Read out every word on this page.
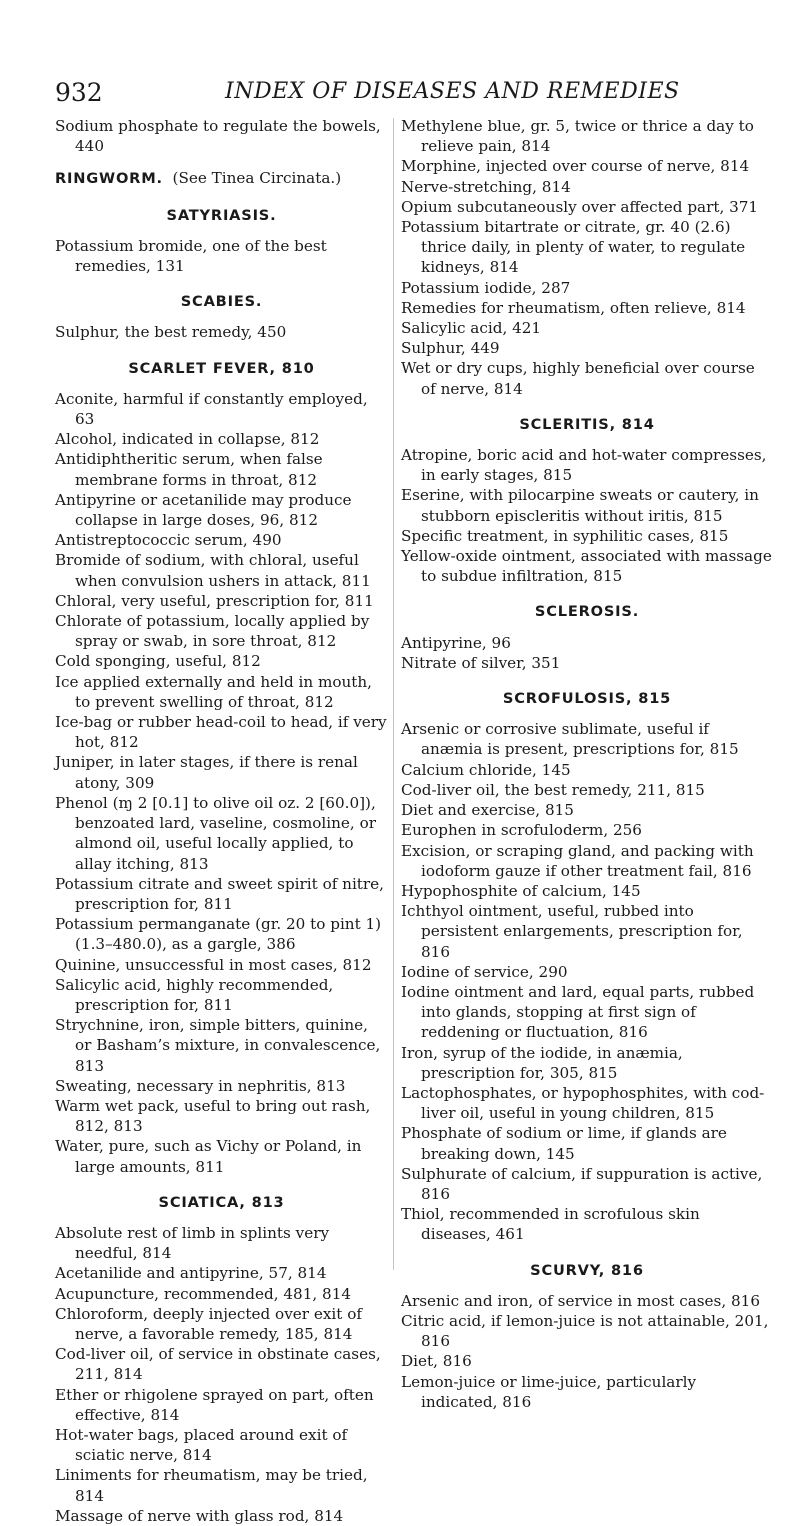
932	INDEX OF DISEASES AND REMEDIES

Sodium phosphate to regulate the bowels, 440

RINGWORM. (See Tinea Circinata.)

SATYRIASIS.

Potassium bromide, one of the best remedies, 131

SCABIES.

Sulphur, the best remedy, 450

SCARLET FEVER, 810

Aconite, harmful if constantly employed, 63

Alcohol, indicated in collapse, 812

Antidiphtheritic serum, when false membrane forms in throat, 812

Antipyrine or acetanilide may produce collapse in large doses, 96, 812

Antistreptococcic serum, 490

Bromide of sodium, with chloral, useful when convulsion ushers in attack, 811

Chloral, very useful, prescription for, 811

Chlorate of potassium, locally applied by spray or swab, in sore throat, 812

Cold sponging, useful, 812

Ice applied externally and held in mouth, to prevent swelling of throat, 812

Ice-bag or rubber head-coil to head, if very hot, 812

Juniper, in later stages, if there is renal atony, 309

Phenol (ɱ 2 [0.1] to olive oil oz. 2 [60.0]), benzoated lard, vaseline, cosmoline, or almond oil, useful locally applied, to allay itching, 813

Potassium citrate and sweet spirit of nitre, prescription for, 811

Potassium permanganate (gr. 20 to pint 1) (1.3–480.0), as a gargle, 386

Quinine, unsuccessful in most cases, 812

Salicylic acid, highly recommended, prescription for, 811

Strychnine, iron, simple bitters, quinine, or Basham’s mixture, in convalescence, 813

Sweating, necessary in nephritis, 813

Warm wet pack, useful to bring out rash, 812, 813

Water, pure, such as Vichy or Poland, in large amounts, 811

SCIATICA, 813

Absolute rest of limb in splints very needful, 814

Acetanilide and antipyrine, 57, 814

Acupuncture, recommended, 481, 814

Chloroform, deeply injected over exit of nerve, a favorable remedy, 185, 814

Cod-liver oil, of service in obstinate cases, 211, 814

Ether or rhigolene sprayed on part, often effective, 814

Hot-water bags, placed around exit of sciatic nerve, 814

Liniments for rheumatism, may be tried, 814

Massage of nerve with glass rod, 814

Methylene blue, gr. 5, twice or thrice a day to relieve pain, 814

Morphine, injected over course of nerve, 814

Nerve-stretching, 814

Opium subcutaneously over affected part, 371

Potassium bitartrate or citrate, gr. 40 (2.6) thrice daily, in plenty of water, to regulate kidneys, 814

Potassium iodide, 287

Remedies for rheumatism, often relieve, 814

Salicylic acid, 421

Sulphur, 449

Wet or dry cups, highly beneficial over course of nerve, 814

SCLERITIS, 814

Atropine, boric acid and hot-water compresses, in early stages, 815

Eserine, with pilocarpine sweats or cautery, in stubborn episcleritis without iritis, 815

Specific treatment, in syphilitic cases, 815

Yellow-oxide ointment, associated with massage to subdue infiltration, 815

SCLEROSIS.

Antipyrine, 96

Nitrate of silver, 351

SCROFULOSIS, 815

Arsenic or corrosive sublimate, useful if anæmia is present, prescriptions for, 815

Calcium chloride, 145

Cod-liver oil, the best remedy, 211, 815

Diet and exercise, 815

Europhen in scrofuloderm, 256

Excision, or scraping gland, and packing with iodoform gauze if other treatment fail, 816

Hypophosphite of calcium, 145

Ichthyol ointment, useful, rubbed into persistent enlargements, prescription for, 816

Iodine of service, 290

Iodine ointment and lard, equal parts, rubbed into glands, stopping at first sign of reddening or fluctuation, 816

Iron, syrup of the iodide, in anæmia, prescription for, 305, 815

Lactophosphates, or hypophosphites, with cod-liver oil, useful in young children, 815

Phosphate of sodium or lime, if glands are breaking down, 145

Sulphurate of calcium, if suppuration is active, 816

Thiol, recommended in scrofulous skin diseases, 461

SCURVY, 816

Arsenic and iron, of service in most cases, 816

Citric acid, if lemon-juice is not attainable, 201, 816

Diet, 816

Lemon-juice or lime-juice, particularly indicated, 816
